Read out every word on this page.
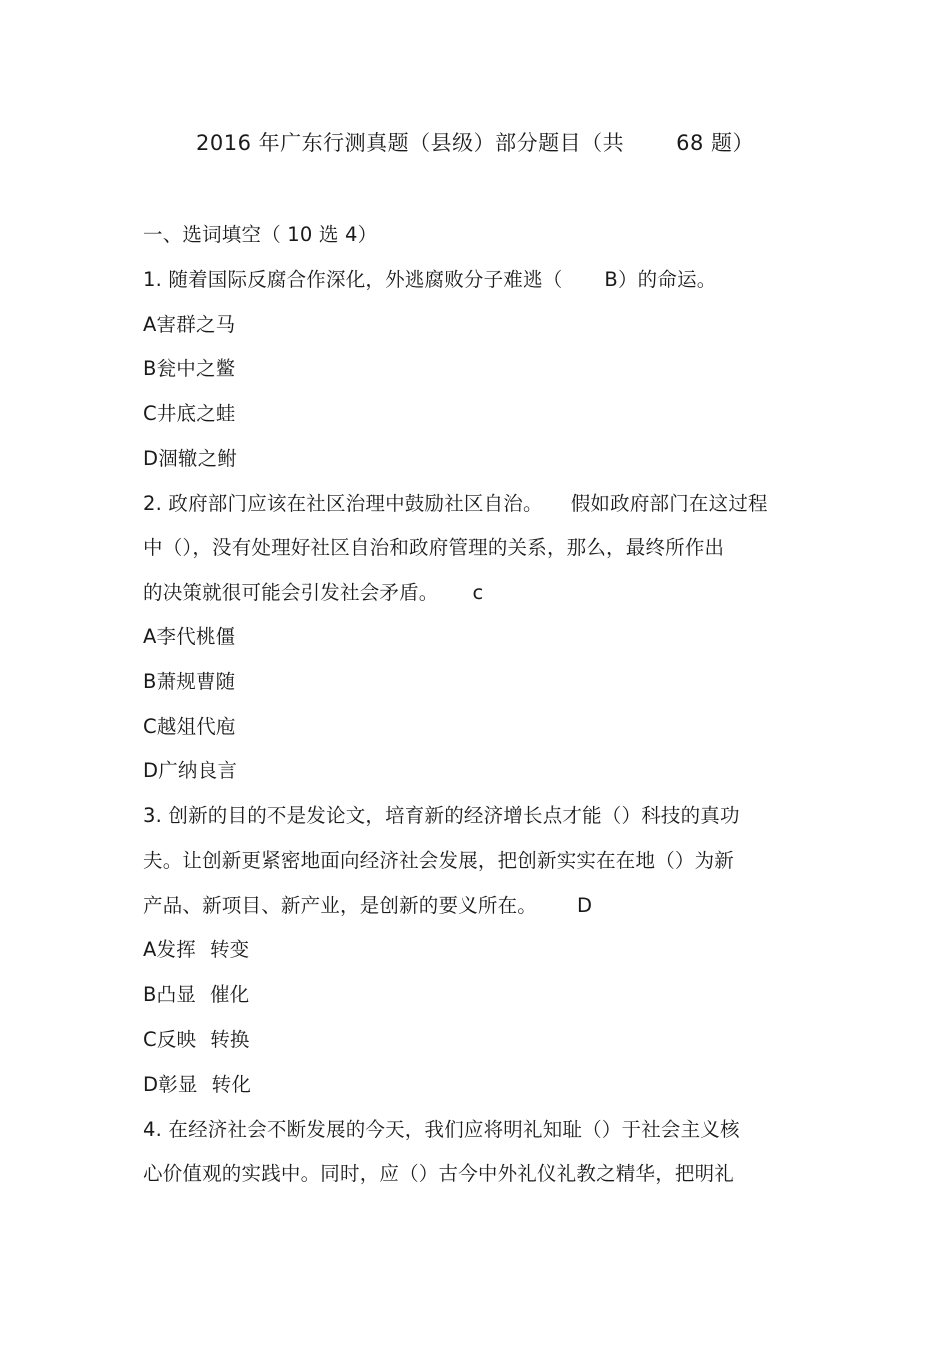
2016 年广东行测真题（县级）部分题目（共 68 题）
一、选词填空（ 10 选 4）
1. 随着国际反腐合作深化，外逃腐败分子难逃（ B）的命运。
A害群之马
B瓮中之鳖
C井底之蛙
D涸辙之鲋
2. 政府部门应该在社区治理中鼓励社区自治。 假如政府部门在这过程
中（），没有处理好社区自治和政府管理的关系，那么，最终所作出
的决策就很可能会引发社会矛盾。 c
A李代桃僵
B萧规曹随
C越俎代庖
D广纳良言
3. 创新的目的不是发论文，培育新的经济增长点才能（）科技的真功
夫。让创新更紧密地面向经济社会发展，把创新实实在在地（）为新
产品、新项目、新产业，是创新的要义所在。 D
A发挥 转变
B凸显 催化
C反映 转换
D彰显 转化
4. 在经济社会不断发展的今天，我们应将明礼知耻（）于社会主义核
心价值观的实践中。同时，应（）古今中外礼仪礼教之精华，把明礼
